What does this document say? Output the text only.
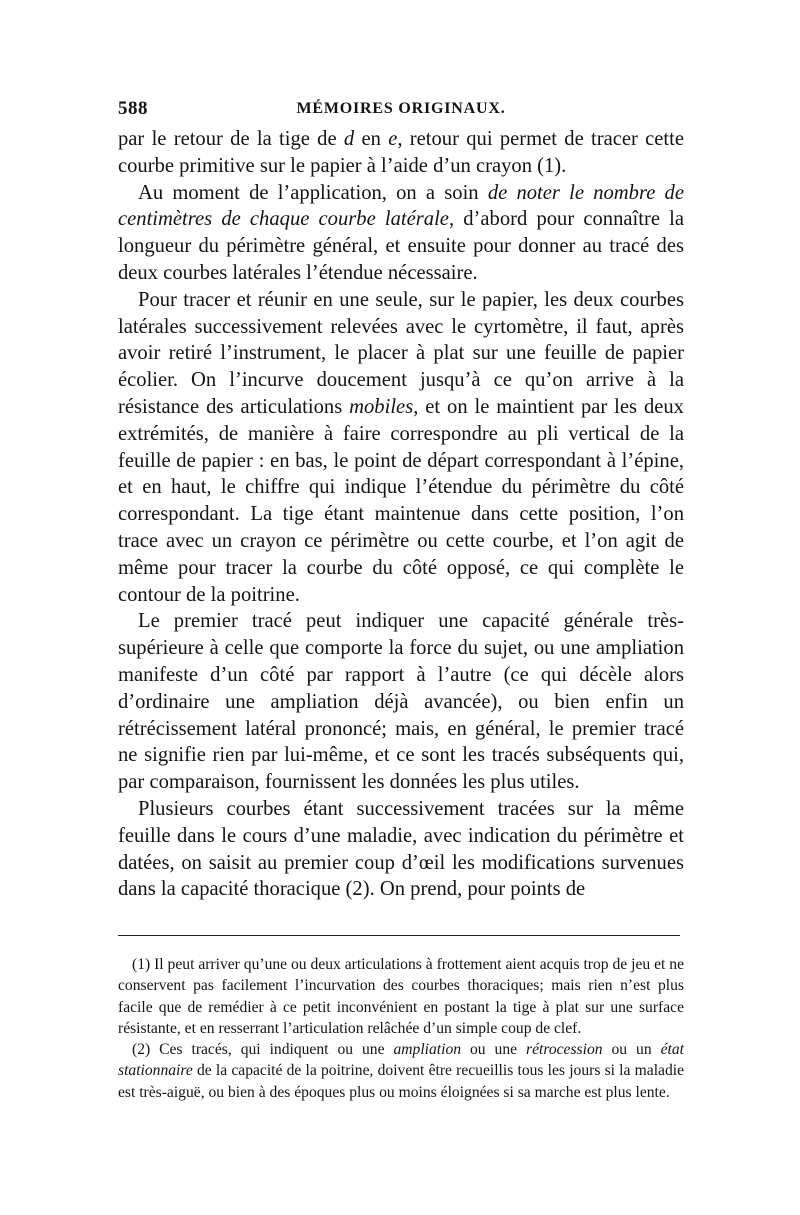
588	MÉMOIRES ORIGINAUX.

par le retour de la tige de d en e, retour qui permet de tracer cette courbe primitive sur le papier à l’aide d’un crayon (1).

Au moment de l’application, on a soin de noter le nombre de centimètres de chaque courbe latérale, d’abord pour connaître la longueur du périmètre général, et ensuite pour donner au tracé des deux courbes latérales l’étendue nécessaire.

Pour tracer et réunir en une seule, sur le papier, les deux courbes latérales successivement relevées avec le cyrtomètre, il faut, après avoir retiré l’instrument, le placer à plat sur une feuille de papier écolier. On l’incurve doucement jusqu’à ce qu’on arrive à la résistance des articulations mobiles, et on le maintient par les deux extrémités, de manière à faire correspondre au pli vertical de la feuille de papier : en bas, le point de départ correspondant à l’épine, et en haut, le chiffre qui indique l’étendue du périmètre du côté correspondant. La tige étant maintenue dans cette position, l’on trace avec un crayon ce périmètre ou cette courbe, et l’on agit de même pour tracer la courbe du côté opposé, ce qui complète le contour de la poitrine.

Le premier tracé peut indiquer une capacité générale très-supérieure à celle que comporte la force du sujet, ou une ampliation manifeste d’un côté par rapport à l’autre (ce qui décèle alors d’ordinaire une ampliation déjà avancée), ou bien enfin un rétrécissement latéral prononcé; mais, en général, le premier tracé ne signifie rien par lui-même, et ce sont les tracés subséquents qui, par comparaison, fournissent les données les plus utiles.

Plusieurs courbes étant successivement tracées sur la même feuille dans le cours d’une maladie, avec indication du périmètre et datées, on saisit au premier coup d’œil les modifications survenues dans la capacité thoracique (2). On prend, pour points de

(1) Il peut arriver qu’une ou deux articulations à frottement aient acquis trop de jeu et ne conservent pas facilement l’incurvation des courbes thoraciques; mais rien n’est plus facile que de remédier à ce petit inconvénient en postant la tige à plat sur une surface résistante, et en resserrant l’articulation relâchée d’un simple coup de clef.

(2) Ces tracés, qui indiquent ou une ampliation ou une rétrocession ou un état stationnaire de la capacité de la poitrine, doivent être recueillis tous les jours si la maladie est très-aiguë, ou bien à des époques plus ou moins éloignées si sa marche est plus lente.
